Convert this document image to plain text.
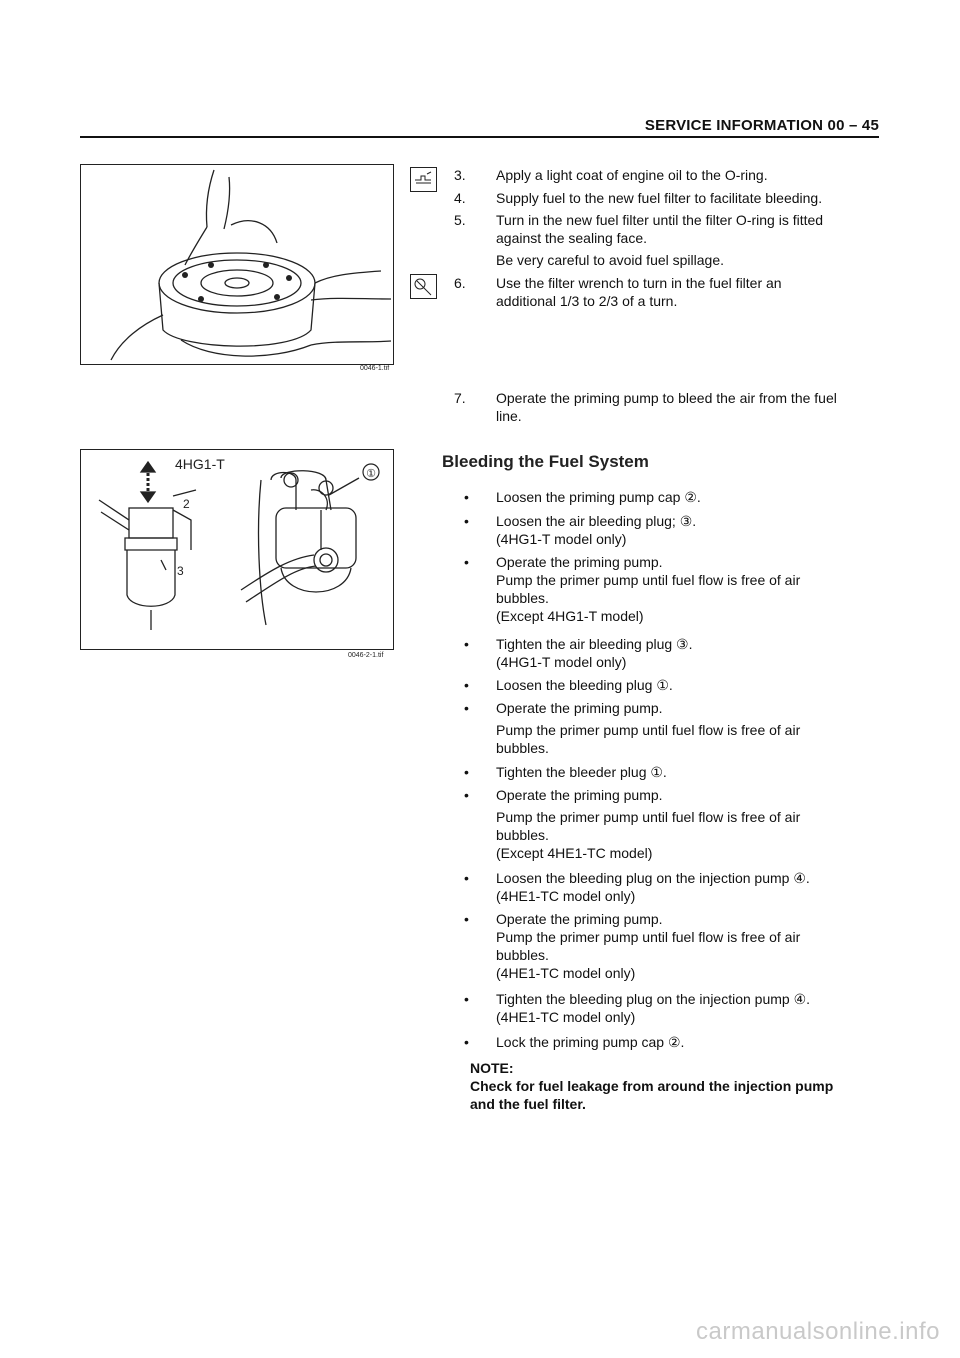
SERVICE INFORMATION 00 – 45
0046-1.tif
4HG1-T
①
2
3
0046-2-1.tif
3. Apply a light coat of engine oil to the O-ring.
4. Supply fuel to the new fuel filter to facilitate bleeding.
5. Turn in the new fuel filter until the filter O-ring is fitted
against the sealing face.
Be very careful to avoid fuel spillage.
6. Use the filter wrench to turn in the fuel filter an
additional 1/3 to 2/3 of a turn.
7. Operate the priming pump to bleed the air from the fuel
line.
Bleeding the Fuel System
• Loosen the priming pump cap ②.
• Loosen the air bleeding plug; ③.
(4HG1-T model only)
• Operate the priming pump.
Pump the primer pump until fuel flow is free of air
bubbles.
(Except 4HG1-T model)
• Tighten the air bleeding plug ③.
(4HG1-T model only)
• Loosen the bleeding plug ①.
• Operate the priming pump.
Pump the primer pump until fuel flow is free of air
bubbles.
• Tighten the bleeder plug ①.
• Operate the priming pump.
Pump the primer pump until fuel flow is free of air
bubbles.
(Except 4HE1-TC model)
• Loosen the bleeding plug on the injection pump ④.
(4HE1-TC model only)
• Operate the priming pump.
Pump the primer pump until fuel flow is free of air
bubbles.
(4HE1-TC model only)
• Tighten the bleeding plug on the injection pump ④.
(4HE1-TC model only)
• Lock the priming pump cap ②.
NOTE:
Check for fuel leakage from around the injection pump
and the fuel filter.
carmanualsonline.info
